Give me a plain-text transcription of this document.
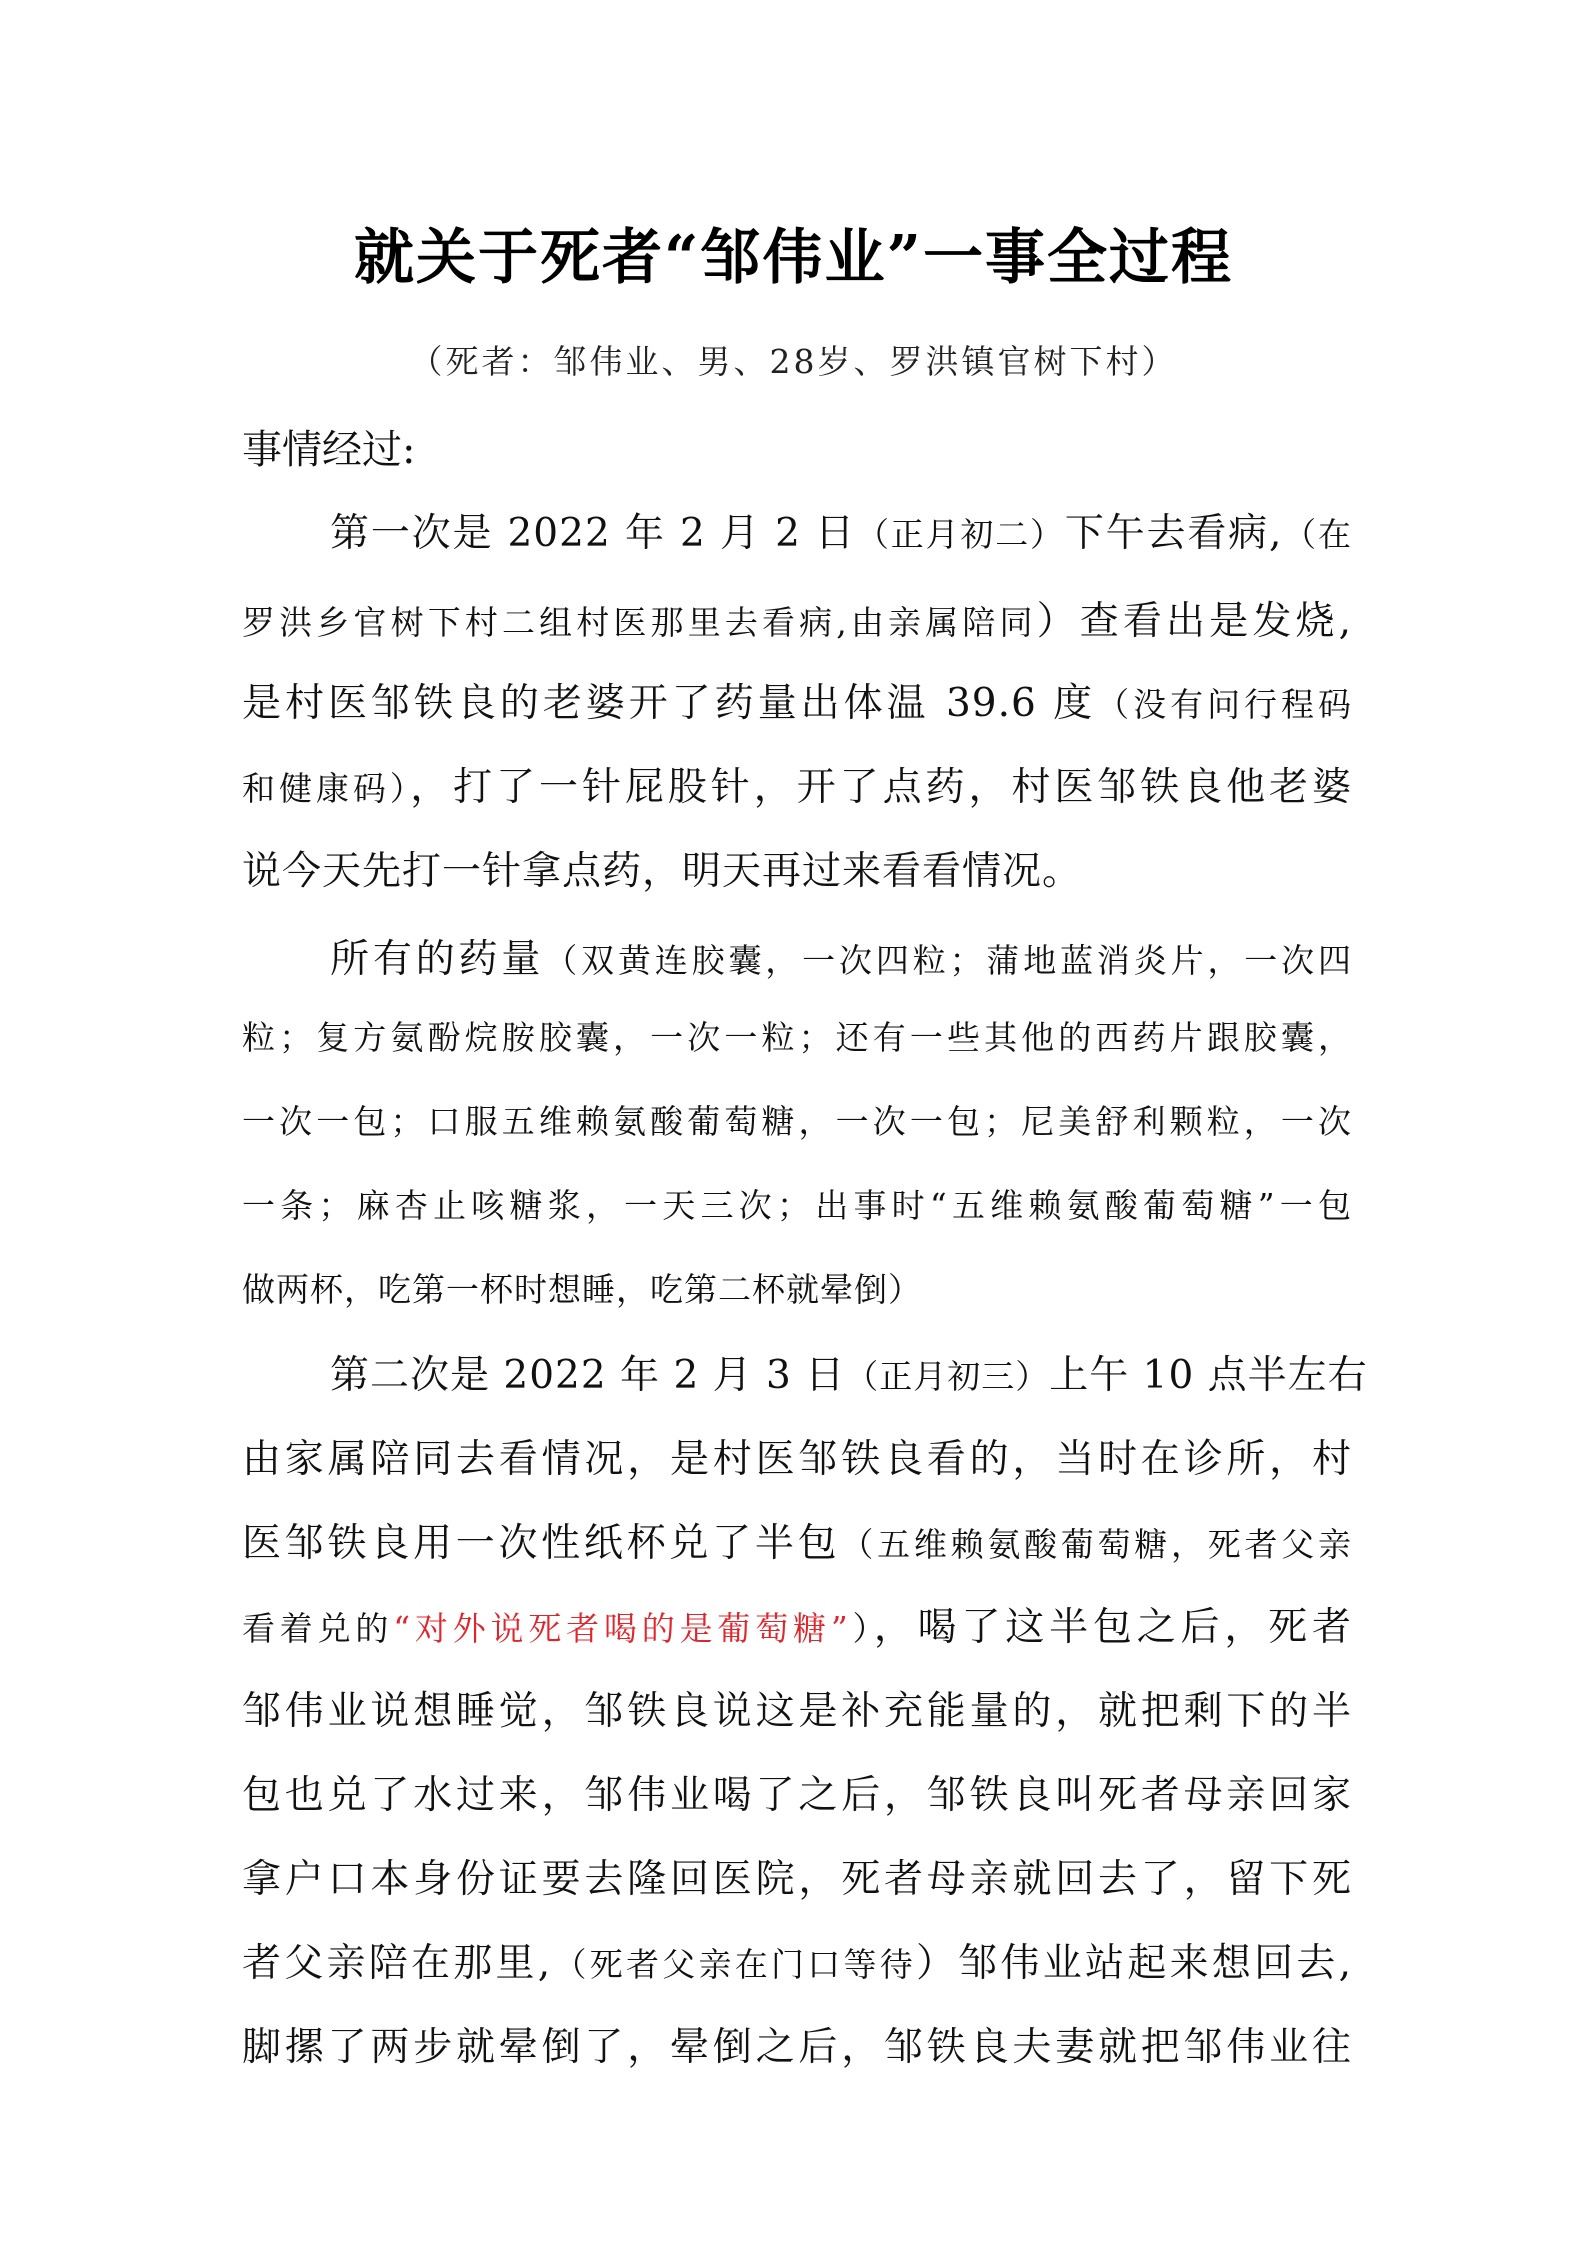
就关于死者“邹伟业”一事全过程
（死者：邹伟业、男、28岁、罗洪镇官树下村）
事情经过:
第一次是 2022 年 2 月 2 日（正月初二）下午去看病,（在
罗洪乡官树下村二组村医那里去看病,由亲属陪同）查看出是发烧,
是村医邹铁良的老婆开了药量出体温 39.6 度（没有问行程码
和健康码），打了一针屁股针，开了点药，村医邹铁良他老婆
说今天先打一针拿点药，明天再过来看看情况。
所有的药量（双黄连胶囊，一次四粒；蒲地蓝消炎片，一次四
粒；复方氨酚烷胺胶囊，一次一粒；还有一些其他的西药片跟胶囊，
一次一包；口服五维赖氨酸葡萄糖，一次一包；尼美舒利颗粒，一次
一条；麻杏止咳糖浆，一天三次；出事时“五维赖氨酸葡萄糖”一包
做两杯，吃第一杯时想睡，吃第二杯就晕倒）
第二次是 2022 年 2 月 3 日（正月初三）上午 10 点半左右
由家属陪同去看情况，是村医邹铁良看的，当时在诊所，村
医邹铁良用一次性纸杯兑了半包（五维赖氨酸葡萄糖，死者父亲
看着兑的“对外说死者喝的是葡萄糖”），喝了这半包之后，死者
邹伟业说想睡觉，邹铁良说这是补充能量的，就把剩下的半
包也兑了水过来，邹伟业喝了之后，邹铁良叫死者母亲回家
拿户口本身份证要去隆回医院，死者母亲就回去了，留下死
者父亲陪在那里,（死者父亲在门口等待）邹伟业站起来想回去,
脚摞了两步就晕倒了，晕倒之后，邹铁良夫妻就把邹伟业往
